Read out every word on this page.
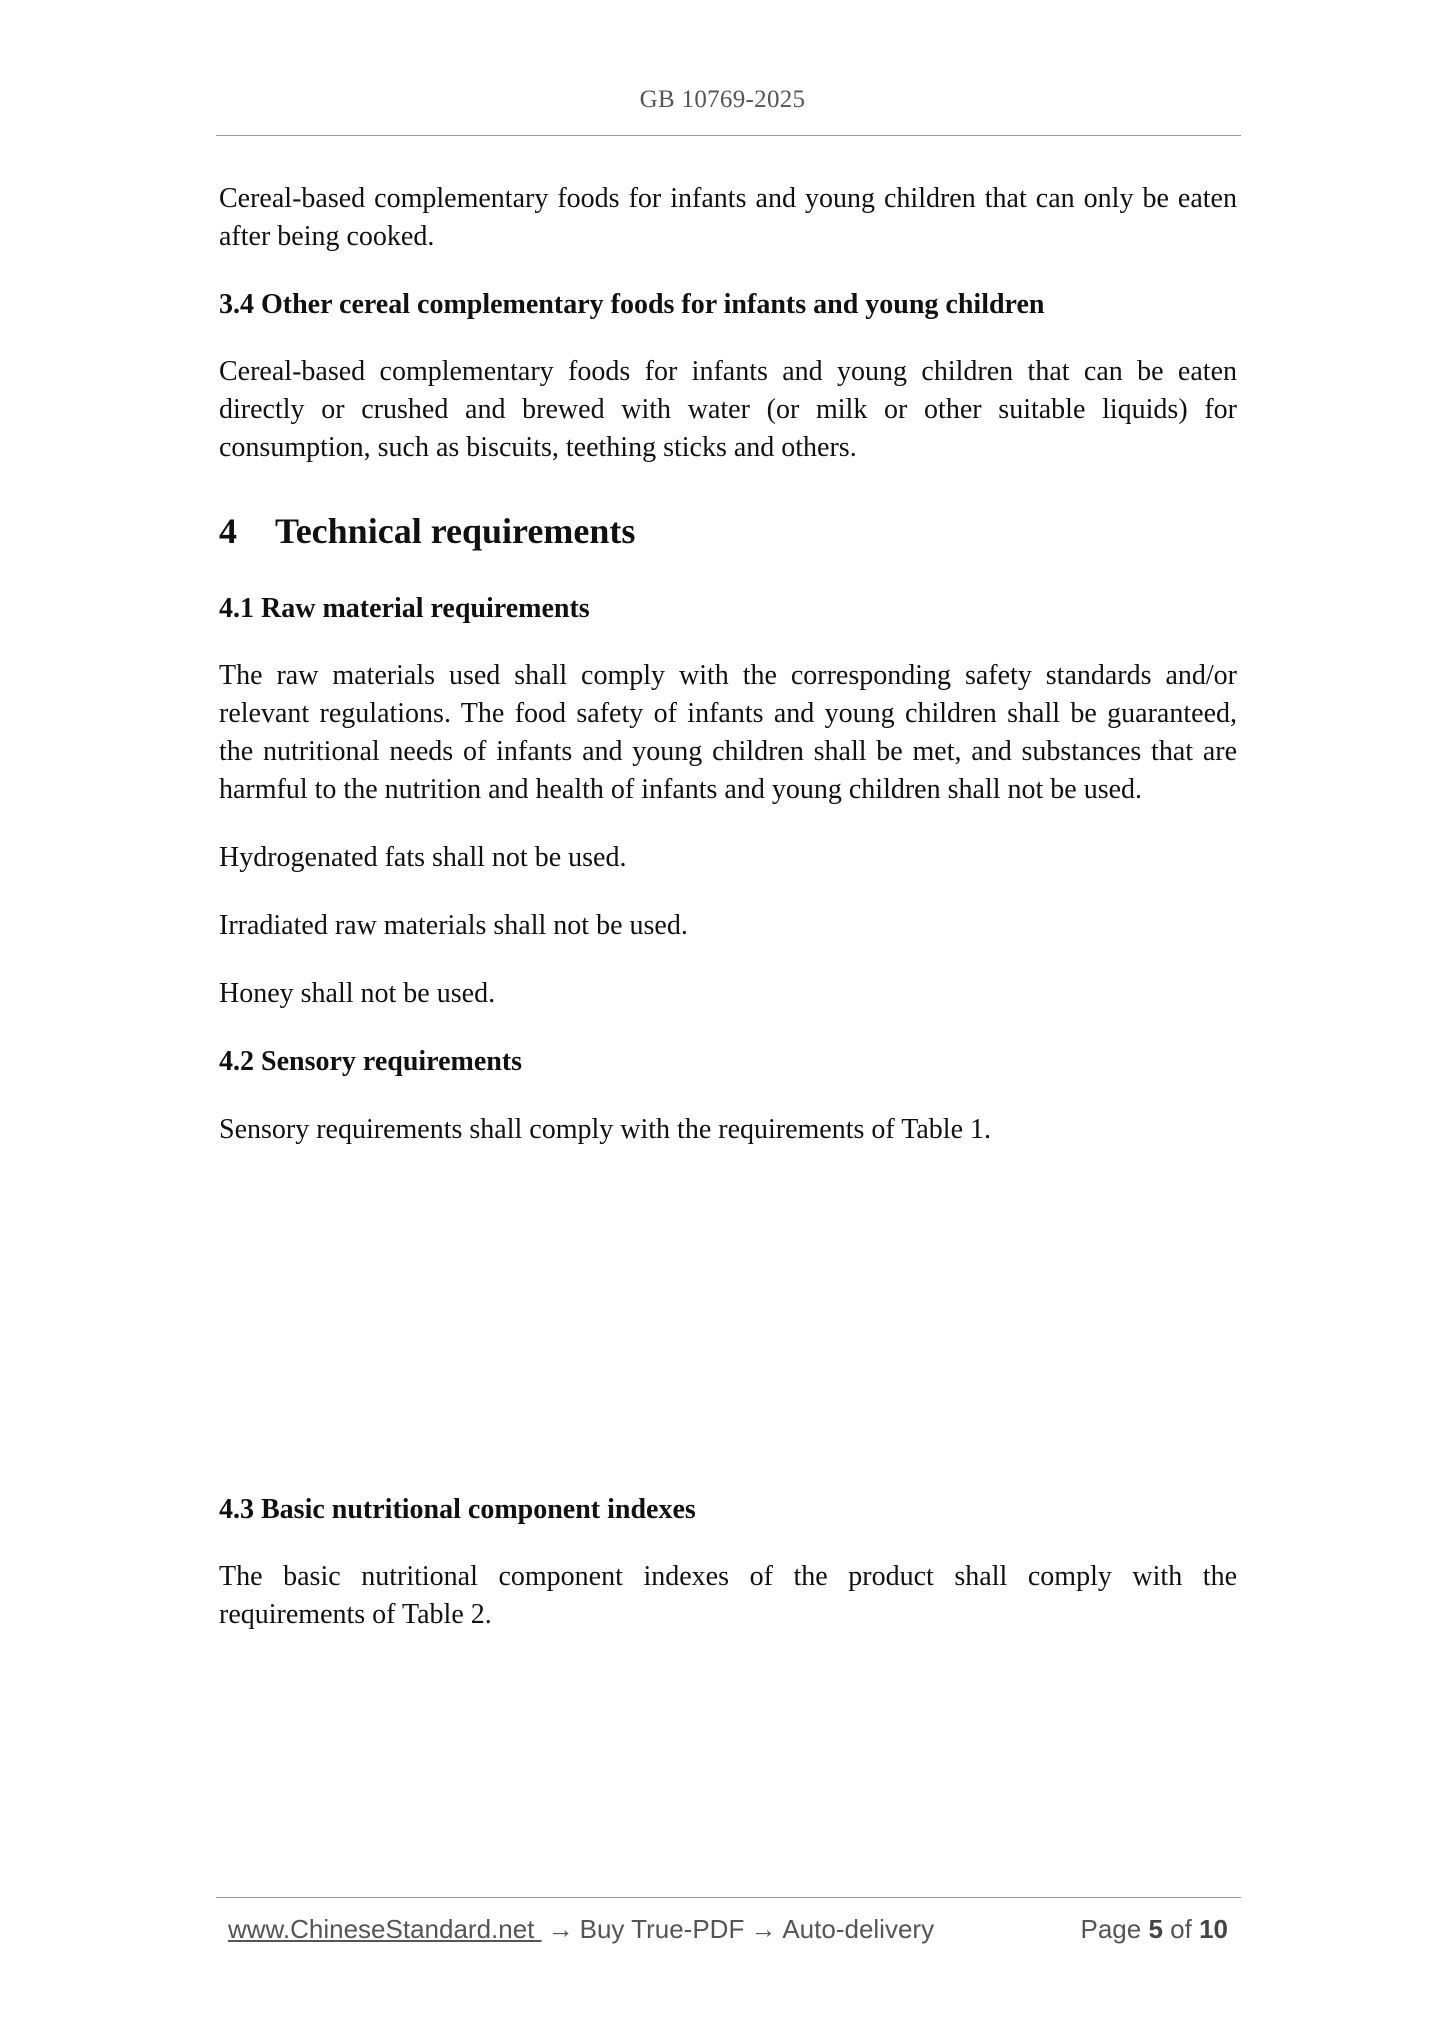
GB 10769-2025

Cereal-based complementary foods for infants and young children that can only be eaten after being cooked.

3.4 Other cereal complementary foods for infants and young children

Cereal-based complementary foods for infants and young children that can be eaten directly or crushed and brewed with water (or milk or other suitable liquids) for consumption, such as biscuits, teething sticks and others.

4	Technical requirements

4.1 Raw material requirements

The raw materials used shall comply with the corresponding safety standards and/or relevant regulations. The food safety of infants and young children shall be guaranteed, the nutritional needs of infants and young children shall be met, and substances that are harmful to the nutrition and health of infants and young children shall not be used.

Hydrogenated fats shall not be used.

Irradiated raw materials shall not be used.

Honey shall not be used.

4.2 Sensory requirements

Sensory requirements shall comply with the requirements of Table 1.

4.3 Basic nutritional component indexes

The basic nutritional component indexes of the product shall comply with the requirements of Table 2.

www.ChineseStandard.net → Buy True-PDF → Auto-delivery	Page 5 of 10
